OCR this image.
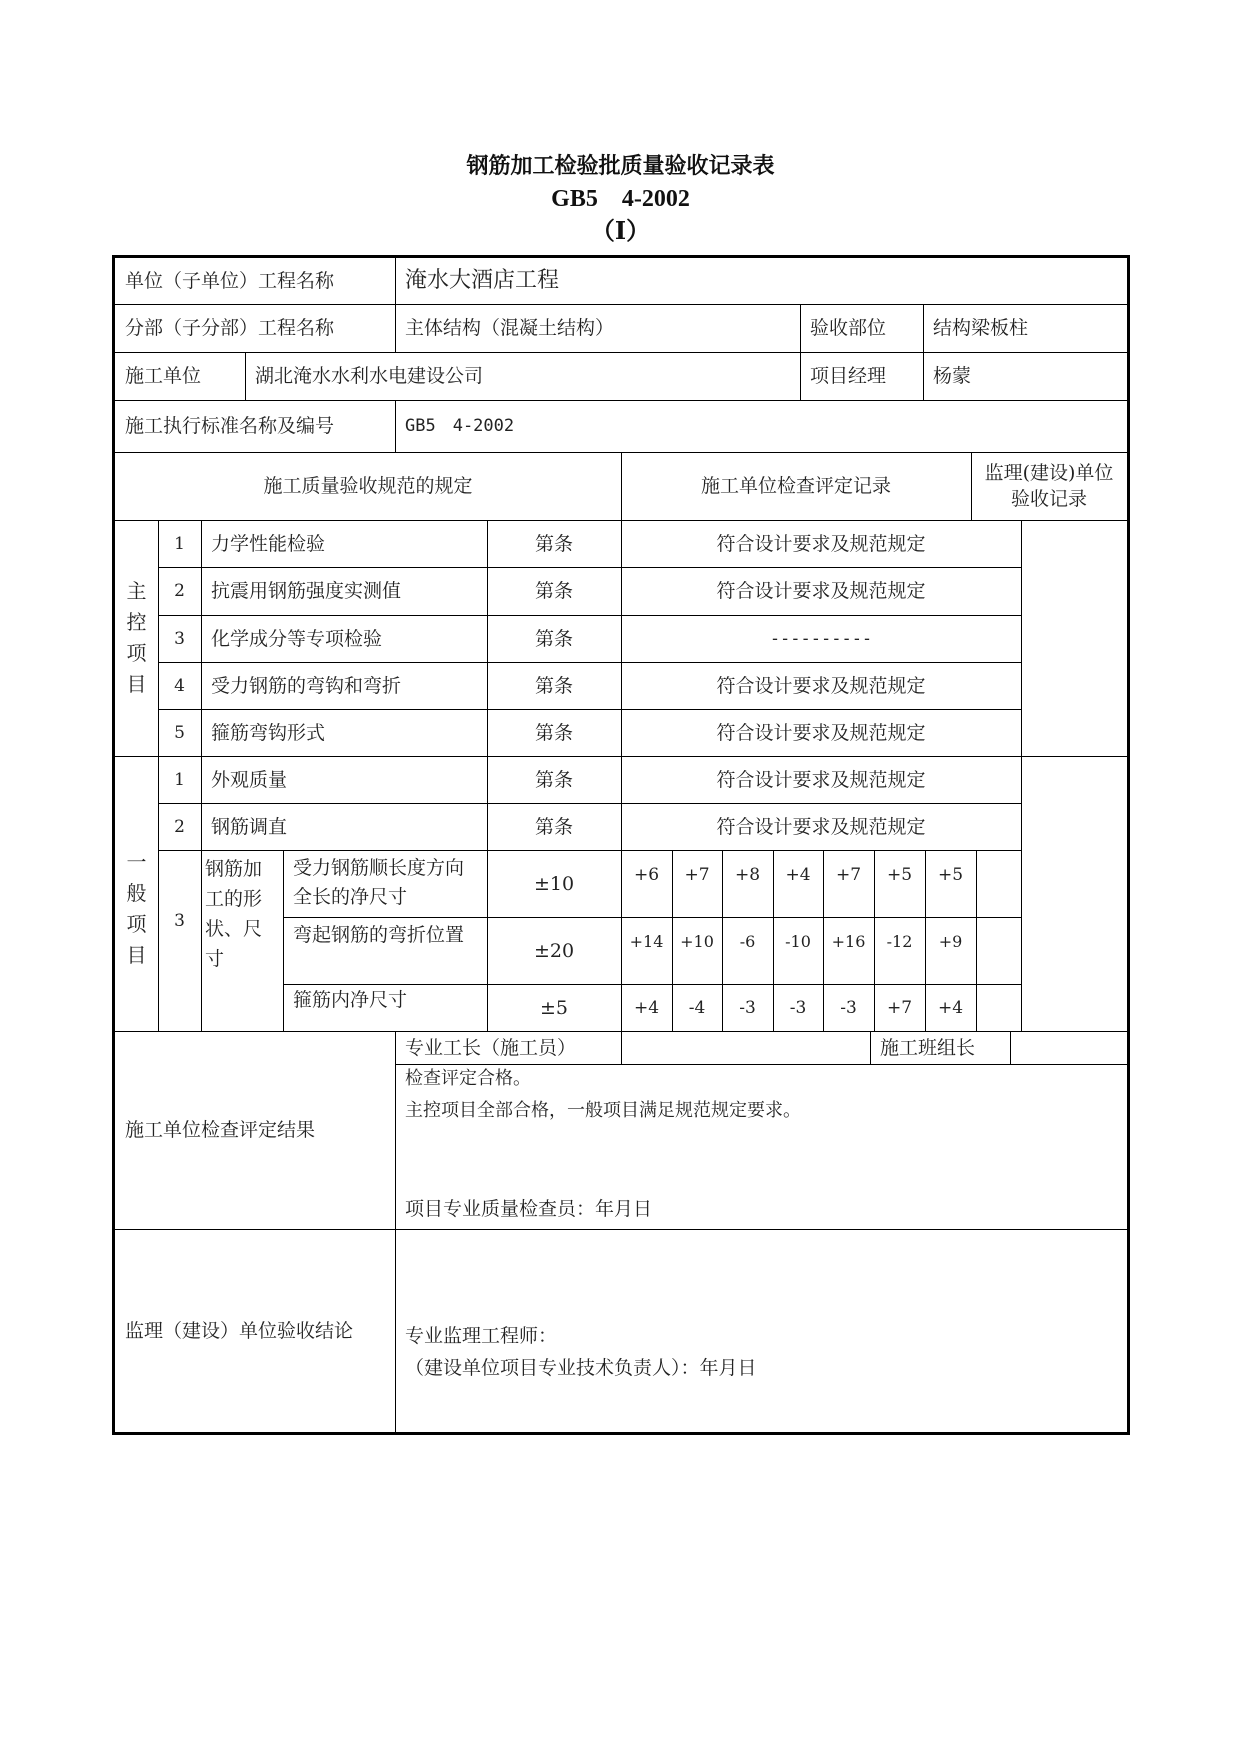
钢筋加工检验批质量验收记录表
GB5　4-2002
（Ⅰ）
单位（子单位）工程名称	淹水大酒店工程
分部（子分部）工程名称	主体结构（混凝土结构）	验收部位	结构梁板柱
施工单位	湖北淹水水利水电建设公司	项目经理	杨蒙
施工执行标准名称及编号	GB5　4-2002
施工质量验收规范的规定	施工单位检查评定记录
监理(建设)单位验收记录
主
控
项
目
1	力学性能检验	第条	符合设计要求及规范规定
2	抗震用钢筋强度实测值	第条	符合设计要求及规范规定
3	化学成分等专项检验	第条	----------
4	受力钢筋的弯钩和弯折	第条	符合设计要求及规范规定
5	箍筋弯钩形式	第条	符合设计要求及规范规定
一
般
项
目
1	外观质量	第条	符合设计要求及规范规定
2	钢筋调直	第条	符合设计要求及规范规定
3
钢筋加工的形状、尺寸
受力钢筋顺长度方向全长的净尺寸
±10	+6	+7	+8	+4	+7	+5	+5
弯起钢筋的弯折位置
±20	+14	+10	-6	-10	+16	-12	+9
箍筋内净尺寸	±5	+4	-4	-3	-3	-3	+7	+4
施工单位检查评定结果
专业工长（施工员）	施工班组长
检查评定合格。
主控项目全部合格，一般项目满足规范规定要求。
项目专业质量检查员：年月日
监理（建设）单位验收结论	专业监理工程师：
（建设单位项目专业技术负责人）：年月日
